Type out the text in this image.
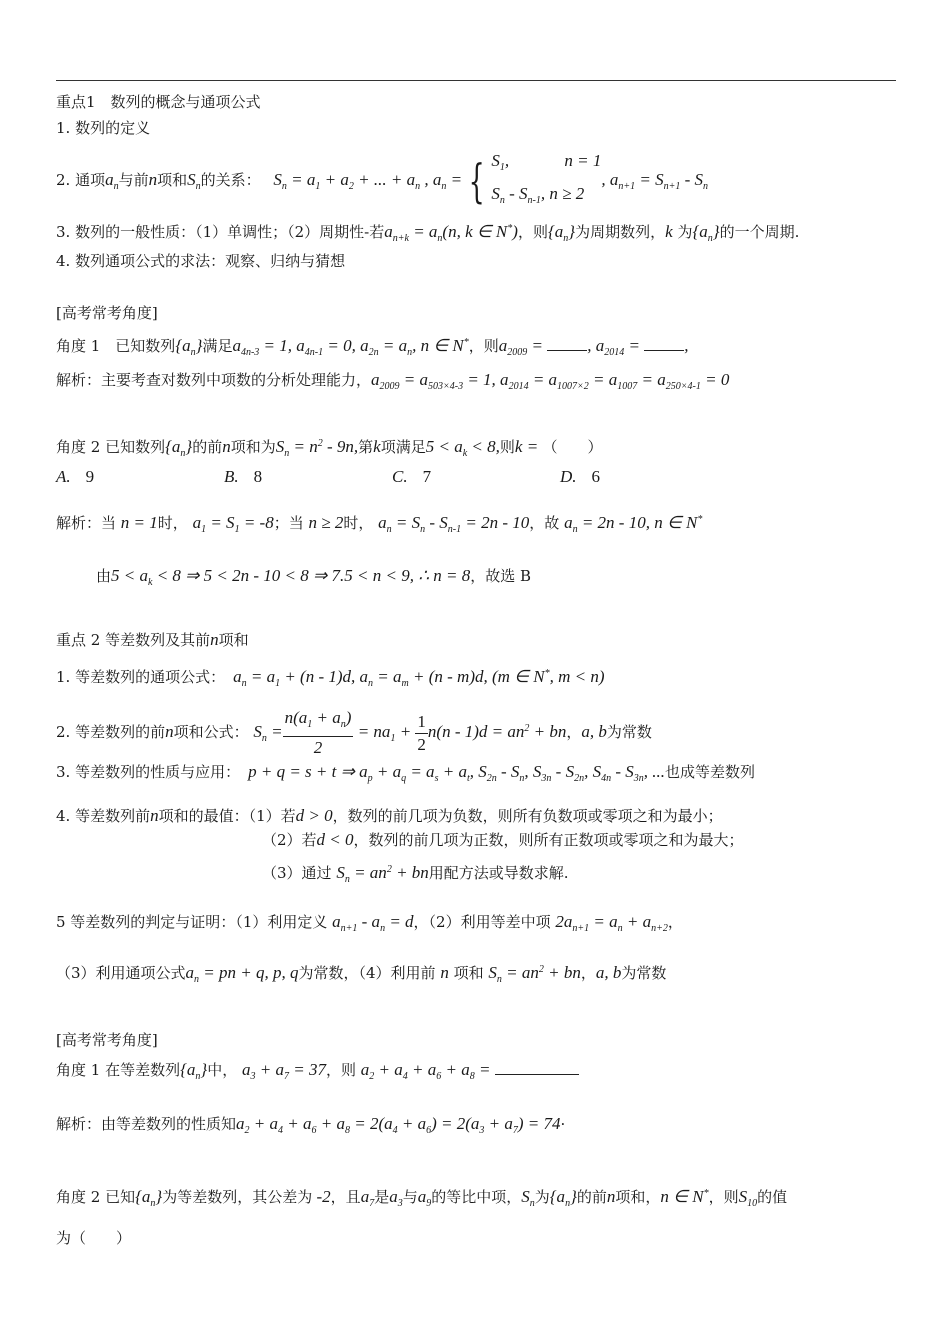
重点1　数列的概念与通项公式
1. 数列的定义
2. 通项$a_n$与前n项和$S_n$的关系： $S_n = a_1 + a_2$ + ... + $a_n$ , $a_n$ = { $S_1$,　　　 n = 1
$S_n - S_{n-1}$, n ≥ 2, $a_{n+1} = S_{n+1} - S_n$
3. 数列的一般性质：（1）单调性；（2）周期性-若$a_{n+k} = a_n(n$, k ∈ N*)，则$\{a_n\}$为周期数列，k 为$\{a_n\}$的一个周期.
4. 数列通项公式的求法：观察、归纳与猜想
[高考常考角度]
角度 1　已知数列$\{a_n\}$满足$a_{4n-3} = 1$, $a_{4n-1} = 0$, $a_{2n} = a_n$, n ∈ N*，则$a_{2009}$ = , $a_{2014}$ = ,
解析：主要考查对数列中项数的分析处理能力，$a_{2009} = a_{503\times 4-3} = 1$, $a_{2014} = a_{1007\times 2} = a_{1007} = a_{250\times 4-1} = 0$
角度 2 已知数列$\{a_n\}$的前n项和为$S_n = n^2 - 9n$,第k项满足$5 < a_k < 8$,则k = （　　）
A.　 9	B.　 8	C.　 7	D.　 6
解析：当 n = 1时， $a_1 = S_1 = -8$；当 n ≥ 2时， $a_n = S_n - S_{n-1} = 2n - 10$，故 $a_n = 2n - 10$, n ∈ N*
由$5 < a_k < 8$ ⇒ 5 < 2n - 10 < 8 ⇒ 7.5 < n < 9, ∴ n = 8，故选 B
重点 2 等差数列及其前n项和
1. 等差数列的通项公式： $a_n = a_1 + (n - 1)d$, $a_n = a_m + (n - m)d$, (m ∈ N*, m < n)
2. 等差数列的前n项和公式： $S_n = \frac{n(a_1 + a_n)}{2} = na_1 + \frac{1}{2} n(n - 1)d = an^2$ + bn，a, b为常数
3. 等差数列的性质与应用： p + q = s + t ⇒ $a_p + a_q = a_s + a_t$, $S_{2n} - S_n$, $S_{3n} - S_{2n}$, $S_{4n} - S_{3n}$, ...也成等差数列
4. 等差数列前n项和的最值：（1）若d > 0，数列的前几项为负数，则所有负数项或零项之和为最小；
（2）若d < 0，数列的前几项为正数，则所有正数项或零项之和为最大；
（3）通过 $S_n = an^2$ + bn用配方法或导数求解.
5 等差数列的判定与证明：（1）利用定义 $a_{n+1} - a_n = d$，（2）利用等差中项 $2a_{n+1} = a_n + a_{n+2}$，
（3）利用通项公式$a_n$ = pn + q, p, q为常数，（4）利用前 n 项和 $S_n = an^2$ + bn，a, b为常数
[高考常考角度]
角度 1 在等差数列$\{a_n\}$中， $a_3 + a_7 = 37$，则 $a_2 + a_4 + a_6 + a_8$ =
解析：由等差数列的性质知$a_2 + a_4 + a_6 + a_8 = 2(a_4 + a_6) = 2(a_3 + a_7) = 74\cdot$
角度 2 已知$\{a_n\}$为等差数列，其公差为 -2，且$a_7$是$a_3$与$a_9$的等比中项，$S_n$为$\{a_n\}$的前n项和，n ∈ N*，则$S_{10}$的值
为（　　）
